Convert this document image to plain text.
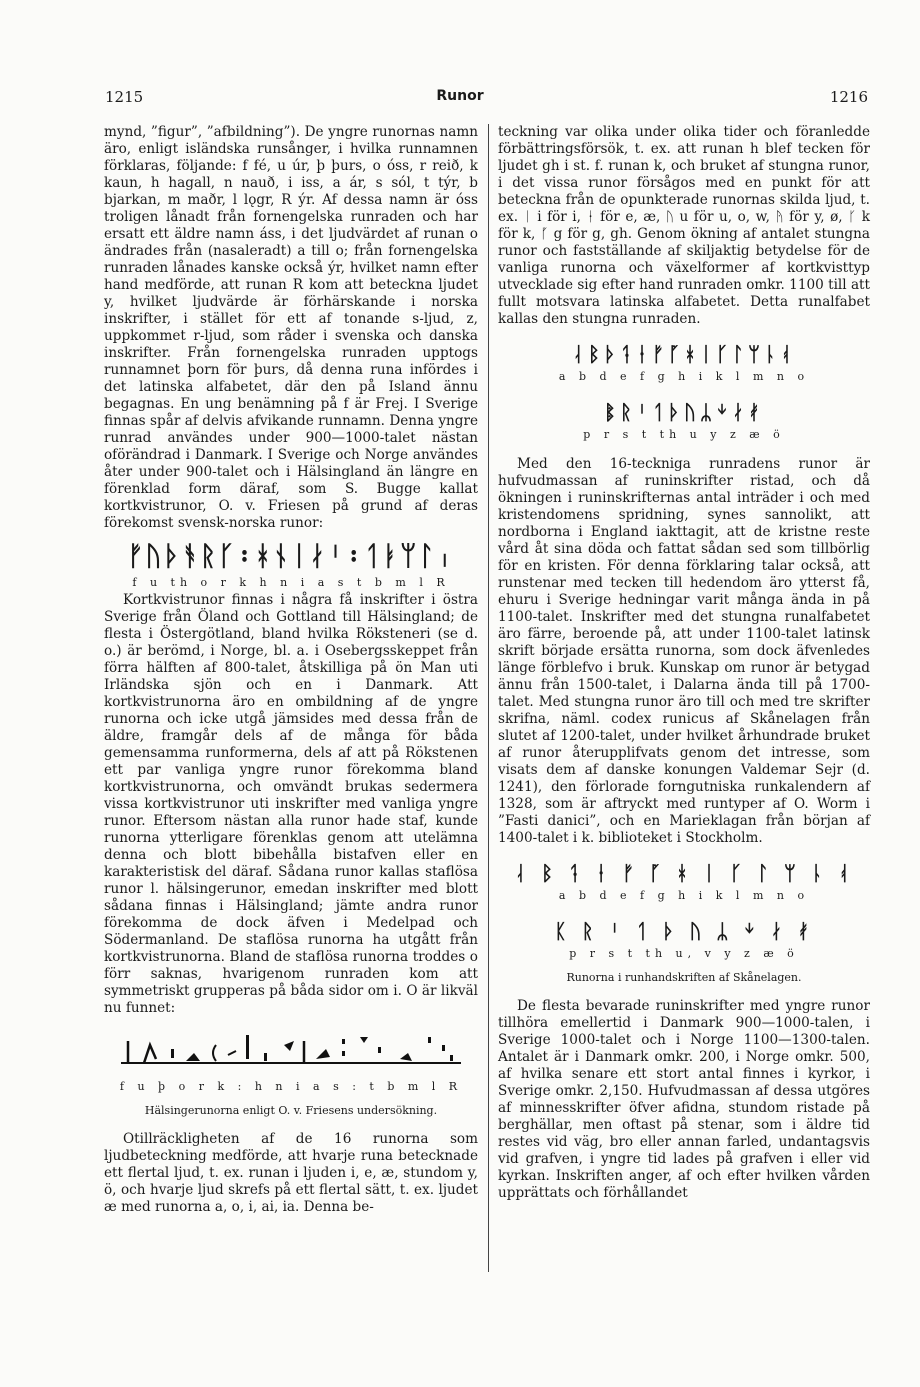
1215	Runor	1216

mynd, ”figur”, ”afbildning”). De yngre runornas namn äro, enligt isländska runsånger, i hvilka runnamnen förklaras, följande: f fé, u úr, þ þurs, o óss, r reið, k kaun, h hagall, n nauð, i iss, a ár, s sól, t týr, b bjarkan, m maðr, l lǫgr, R ýr. Af dessa namn är óss troligen lånadt från fornengelska runraden och har ersatt ett äldre namn áss, i det ljudvärdet af runan o ändrades från (nasaleradt) a till o; från fornengelska runraden lånades kanske också ýr, hvilket namn efter hand medförde, att runan R kom att beteckna ljudet y, hvilket ljudvärde är förhärskande i norska inskrifter, i stället för ett af tonande s-ljud, z, uppkommet r-ljud, som råder i svenska och danska inskrifter. Från fornengelska runraden upptogs runnamnet þorn för þurs, då denna runa infördes i det latinska alfabetet, där den på Island ännu begagnas. En ung benämning på f är Frej. I Sverige finnas spår af delvis afvikande runnamn. Denna yngre runrad användes under 900—1000-talet nästan oförändrad i Danmark. I Sverige och Norge användes åter under 900-talet och i Hälsingland än längre en förenklad form däraf, som S. Bugge kallat kortkvistrunor, O. v. Friesen på grund af deras förekomst svensk-norska runor:

ᚠᚢᚦᚬᚱᚴ᛬ᚼᚾᛁᛅᛌ᛬ᛐᛓᛘᛚᛧ
f u th o r k h n i a s t b m l R

Kortkvistrunor finnas i några få inskrifter i östra Sverige från Öland och Gottland till Hälsingland; de flesta i Östergötland, bland hvilka Röksteneri (se d. o.) är berömd, i Norge, bl. a. i Osebergsskeppet från förra hälften af 800-talet, åtskilliga på ön Man uti Irländska sjön och en i Danmark. Att kortkvistrunorna äro en ombildning af de yngre runorna och icke utgå jämsides med dessa från de äldre, framgår dels af de många för båda gemensamma runformerna, dels af att på Rökstenen ett par vanliga yngre runor förekomma bland kortkvistrunorna, och omvändt brukas sedermera vissa kortkvistrunor uti inskrifter med vanliga yngre runor. Eftersom nästan alla runor hade staf, kunde runorna ytterligare förenklas genom att utelämna denna och blott bibehålla bistafven eller en karakteristisk del däraf. Sådana runor kallas staflösa runor l. hälsingerunor, emedan inskrifter med blott sådana finnas i Hälsingland; jämte andra runor förekomma de dock äfven i Medelpad och Södermanland. De staflösa runorna ha utgått från kortkvistrunorna. Bland de staflösa runorna troddes o förr saknas, hvarigenom runraden kom att symmetriskt grupperas på båda sidor om i. O är likväl nu funnet:

f u þ o r k : h n i a s : t b m l R
Hälsingerunorna enligt O. v. Friesens undersökning.

Otillräckligheten af de 16 runorna som ljudbeteckning medförde, att hvarje runa betecknade ett flertal ljud, t. ex. runan i ljuden i, e, æ, stundom y, ö, och hvarje ljud skrefs på ett flertal sätt, t. ex. ljudet æ med runorna a, o, i, ai, ia. Denna be-

teckning var olika under olika tider och föranledde förbättringsförsök, t. ex. att runan h blef tecken för ljudet gh i st. f. runan k, och bruket af stungna runor, i det vissa runor försågos med en punkt för att beteckna från de opunkterade runornas skilda ljud, t. ex. ᛁ i för i, ᛂ för e, æ, ᚢ u för u, o, w, ᚤ för y, ø, ᚴ k för k, ᚵ g för g, gh. Genom ökning af antalet stungna runor och fastställande af skiljaktig betydelse för de vanliga runorna och växelformer af kortkvisttyp utvecklade sig efter hand runraden omkr. 1100 till att fullt motsvara latinska alfabetet. Detta runalfabet kallas den stungna runraden.

ᛆᛒᚦᛑᛂᚠᚵᚼᛁᚴᛚᛘᚿᚮ
a b d e f g h i k l m n o
ᛔᚱᛌᛐᚦᚢᛦᛎᛅᚯ
p r s t th u y z æ ö

Med den 16-teckniga runradens runor är hufvudmassan af runinskrifter ristad, och då ökningen i runinskrifternas antal inträder i och med kristendomens spridning, synes sannolikt, att nordborna i England iakttagit, att de kristne reste vård åt sina döda och fattat sådan sed som tillbörlig för en kristen. För denna förklaring talar också, att runstenar med tecken till hedendom äro ytterst få, ehuru i Sverige hedningar varit många ända in på 1100-talet. Inskrifter med det stungna runalfabetet äro färre, beroende på, att under 1100-talet latinsk skrift började ersätta runorna, som dock äfvenledes länge förblefvo i bruk. Kunskap om runor är betygad ännu från 1500-talet, i Dalarna ända till på 1700-talet. Med stungna runor äro till och med tre skrifter skrifna, näml. codex runicus af Skånelagen från slutet af 1200-talet, under hvilket århundrade bruket af runor återupplifvats genom det intresse, som visats dem af danske konungen Valdemar Sejr (d. 1241), den förlorade forngutniska runkalendern af 1328, som är aftryckt med runtyper af O. Worm i ”Fasti danici”, och en Marieklagan från början af 1400-talet i k. biblioteket i Stockholm.

ᛆ ᛒ ᛑ ᛂ ᚠ ᚵ ᚼ ᛁ ᚴ ᛚ ᛘ ᚿ ᚮ
a b d e f g h i k l m n o
ᛕ ᚱ ᛌ ᛐ ᚦ ᚢ ᛦ ᛎ ᛅ ᚯ
p r s t th u, v y z æ ö
Runorna i runhandskriften af Skånelagen.

De flesta bevarade runinskrifter med yngre runor tillhöra emellertid i Danmark 900—1000-talen, i Sverige 1000-talet och i Norge 1100—1300-talen. Antalet är i Danmark omkr. 200, i Norge omkr. 500, af hvilka senare ett stort antal finnes i kyrkor, i Sverige omkr. 2,150. Hufvudmassan af dessa utgöres af minnesskrifter öfver afidna, stundom ristade på berghällar, men oftast på stenar, som i äldre tid restes vid väg, bro eller annan farled, undantagsvis vid grafven, i yngre tid lades på grafven i eller vid kyrkan. Inskriften anger, af och efter hvilken vården upprättats och förhållandet
